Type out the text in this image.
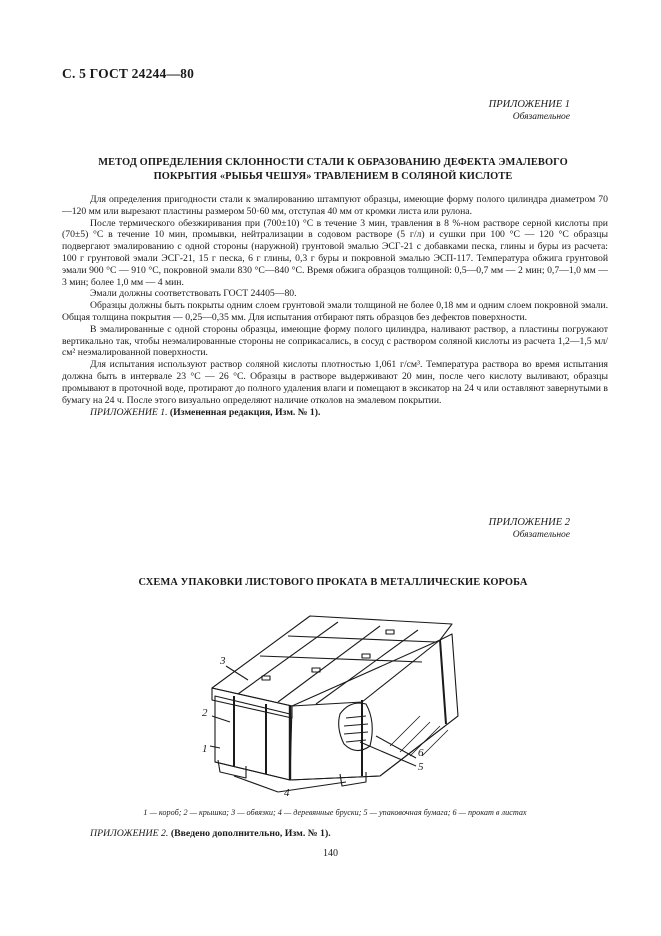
С. 5 ГОСТ 24244—80
ПРИЛОЖЕНИЕ 1
Обязательное
МЕТОД ОПРЕДЕЛЕНИЯ СКЛОННОСТИ СТАЛИ К ОБРАЗОВАНИЮ ДЕФЕКТА ЭМАЛЕВОГО
ПОКРЫТИЯ «РЫБЬЯ ЧЕШУЯ» ТРАВЛЕНИЕМ В СОЛЯНОЙ КИСЛОТЕ

Для определения пригодности стали к эмалированию штампуют образцы, имеющие форму полого цилиндра диаметром 70—120 мм или вырезают пластины размером 50·60 мм, отступая 40 мм от кромки листа или рулона.

После термического обезжиривания при (700±10) °С в течение 3 мин, травления в 8 %-ном растворе серной кислоты при (70±5) °С в течение 10 мин, промывки, нейтрализации в содовом растворе (5 г/л) и сушки при 100 °С — 120 °С образцы подвергают эмалированию с одной стороны (наружной) грунтовой эмалью ЭСГ-21 с добавками песка, глины и буры из расчета: 100 г грунтовой эмали ЭСГ-21, 15 г песка, 6 г глины, 0,3 г буры и покровной эмалью ЭСП-117. Температура обжига грунтовой эмали 900 °С — 910 °С, покровной эмали 830 °С—840 °С. Время обжига образцов толщиной: 0,5—0,7 мм — 2 мин; 0,7—1,0 мм — 3 мин; более 1,0 мм — 4 мин.

Эмали должны соответствовать ГОСТ 24405—80.

Образцы должны быть покрыты одним слоем грунтовой эмали толщиной не более 0,18 мм и одним слоем покровной эмали. Общая толщина покрытия — 0,25—0,35 мм. Для испытания отбирают пять образцов без дефектов поверхности.

В эмалированные с одной стороны образцы, имеющие форму полого цилиндра, наливают раствор, а пластины погружают вертикально так, чтобы неэмалированные стороны не соприкасались, в сосуд с раствором соляной кислоты из расчета 1,2—1,5 мл/см² неэмалированной поверхности.

Для испытания используют раствор соляной кислоты плотностью 1,061 г/см³. Температура раствора во время испытания должна быть в интервале 23 °С — 26 °С. Образцы в растворе выдерживают 20 мин, после чего кислоту выливают, образцы промывают в проточной воде, протирают до полного удаления влаги и помещают в эксикатор на 24 ч или оставляют завернутыми в бумагу на 24 ч. После этого визуально определяют наличие отколов на эмалевом покрытии.

ПРИЛОЖЕНИЕ 1. (Измененная редакция, Изм. № 1).

ПРИЛОЖЕНИЕ 2
Обязательное
СХЕМА УПАКОВКИ ЛИСТОВОГО ПРОКАТА В МЕТАЛЛИЧЕСКИЕ КОРОБА
3
2
1	6
5
4
1 — короб; 2 — крышка; 3 — обвязки; 4 — деревянные бруски; 5 — упаковочная бумага; 6 — прокат в листах
ПРИЛОЖЕНИЕ 2. (Введено дополнительно, Изм. № 1).
140
